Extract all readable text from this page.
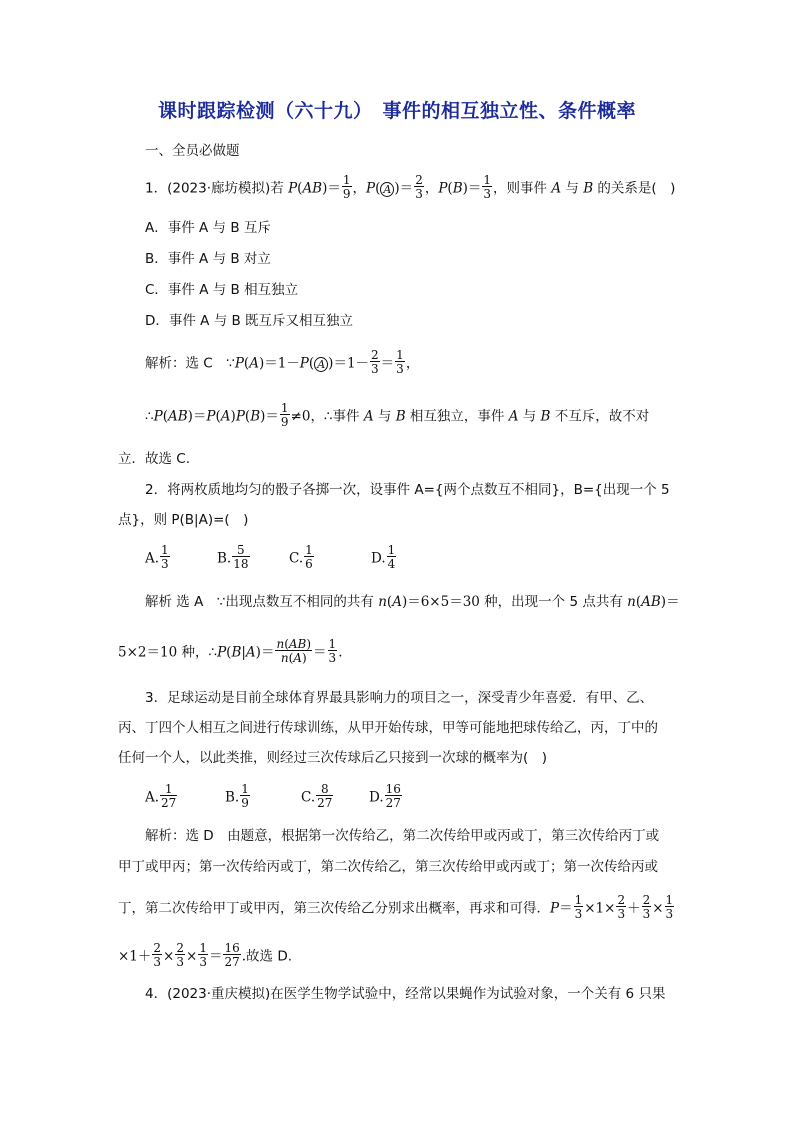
课时跟踪检测（六十九）　事件的相互独立性、条件概率
一、全员必做题
1．(2023·廊坊模拟)若 $P(AB)= \frac{1}{9}$ ，P( A )＝ $\frac{2}{3}$ ，$P(B)= \frac{1}{3}$ ，则事件 A 与 B 的关系是(　)
A．事件 A 与 B 互斥
B．事件 A 与 B 对立
C．事件 A 与 B 相互独立
D．事件 A 与 B 既互斥又相互独立
解析：选 C　∵P(A)＝1－P( A )$=1- \frac{2}{3} = \frac{1}{3}$ ，
∴P(AB)＝P(A)P(B)＝ $\frac{1}{9} \ne 0$，∴事件 A 与 B 相互独立，事件 A 与 B 不互斥，故不对
立．故选 C.
2．将两枚质地均匀的骰子各掷一次，设事件 A={两个点数互不相同}，B={出现一个 5
点}，则 P(B|A)=(　)
A. $\frac{1}{3}$	B. $\frac{5}{18}$	C. $\frac{1}{6}$	D. $\frac{1}{4}$
解析 选 A　∵出现点数互不相同的共有 n(A)＝6×5＝30 种，出现一个 5 点共有 n(AB)＝
5×2＝10 种，∴P(B|A)＝ $\frac{n(AB)}{n(A)} = \frac{1}{3}$ .
3．足球运动是目前全球体育界最具影响力的项目之一，深受青少年喜爱．有甲、乙、
丙、丁四个人相互之间进行传球训练，从甲开始传球，甲等可能地把球传给乙，丙，丁中的
任何一个人，以此类推，则经过三次传球后乙只接到一次球的概率为(　)
A. $\frac{1}{27}$	B. $\frac{1}{9}$	C. $\frac{8}{27}$	D. $\frac{16}{27}$
解析：选 D　由题意，根据第一次传给乙，第二次传给甲或丙或丁，第三次传给丙丁或
甲丁或甲丙；第一次传给丙或丁，第二次传给乙，第三次传给甲或丙或丁；第一次传给丙或
丁，第二次传给甲丁或甲丙，第三次传给乙分别求出概率，再求和可得．$P= \frac{1}{3} \times 1\times \frac{2}{3} + \frac{2}{3} \times \frac{1}{3}$
$\times 1+ \frac{2}{3} \times \frac{2}{3} \times \frac{1}{3} = \frac{16}{27}$ .故选 D.
4．(2023·重庆模拟)在医学生物学试验中，经常以果蝇作为试验对象，一个关有 6 只果
